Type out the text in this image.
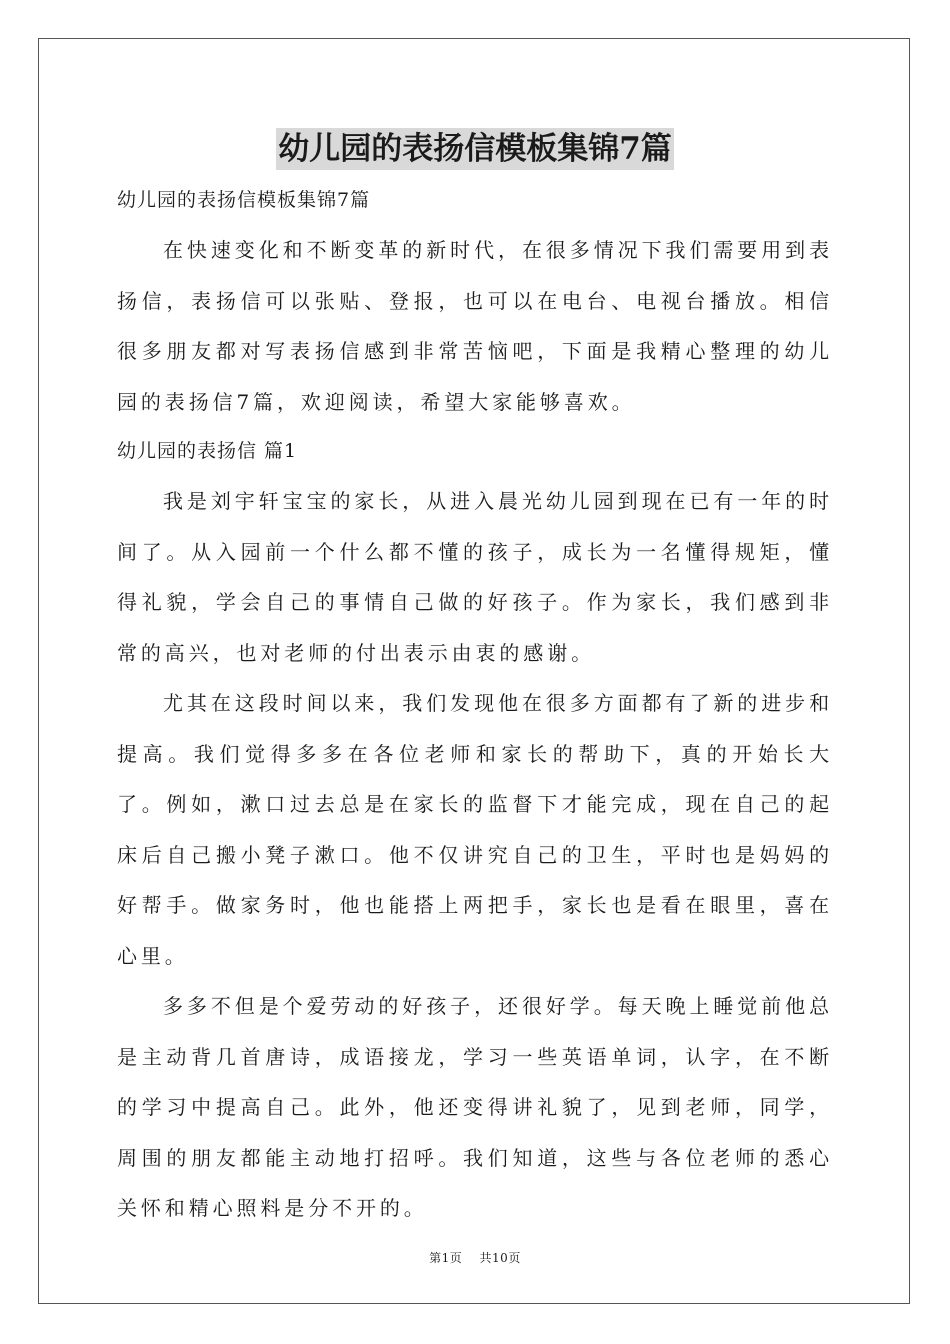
幼儿园的表扬信模板集锦7篇
幼儿园的表扬信模板集锦7篇

在快速变化和不断变革的新时代，在很多情况下我们需要用到表扬信，表扬信可以张贴、登报，也可以在电台、电视台播放。相信很多朋友都对写表扬信感到非常苦恼吧，下面是我精心整理的幼儿园的表扬信7篇，欢迎阅读，希望大家能够喜欢。

幼儿园的表扬信 篇1

我是刘宇轩宝宝的家长，从进入晨光幼儿园到现在已有一年的时间了。从入园前一个什么都不懂的孩子，成长为一名懂得规矩，懂得礼貌，学会自己的事情自己做的好孩子。作为家长，我们感到非常的高兴，也对老师的付出表示由衷的感谢。

尤其在这段时间以来，我们发现他在很多方面都有了新的进步和提高。我们觉得多多在各位老师和家长的帮助下，真的开始长大了。例如，漱口过去总是在家长的监督下才能完成，现在自己的起床后自己搬小凳子漱口。他不仅讲究自己的卫生，平时也是妈妈的好帮手。做家务时，他也能搭上两把手，家长也是看在眼里，喜在心里。

多多不但是个爱劳动的好孩子，还很好学。每天晚上睡觉前他总是主动背几首唐诗，成语接龙，学习一些英语单词，认字，在不断的学习中提高自己。此外，他还变得讲礼貌了，见到老师，同学，周围的朋友都能主动地打招呼。我们知道，这些与各位老师的悉心关怀和精心照料是分不开的。

第1页    共10页
